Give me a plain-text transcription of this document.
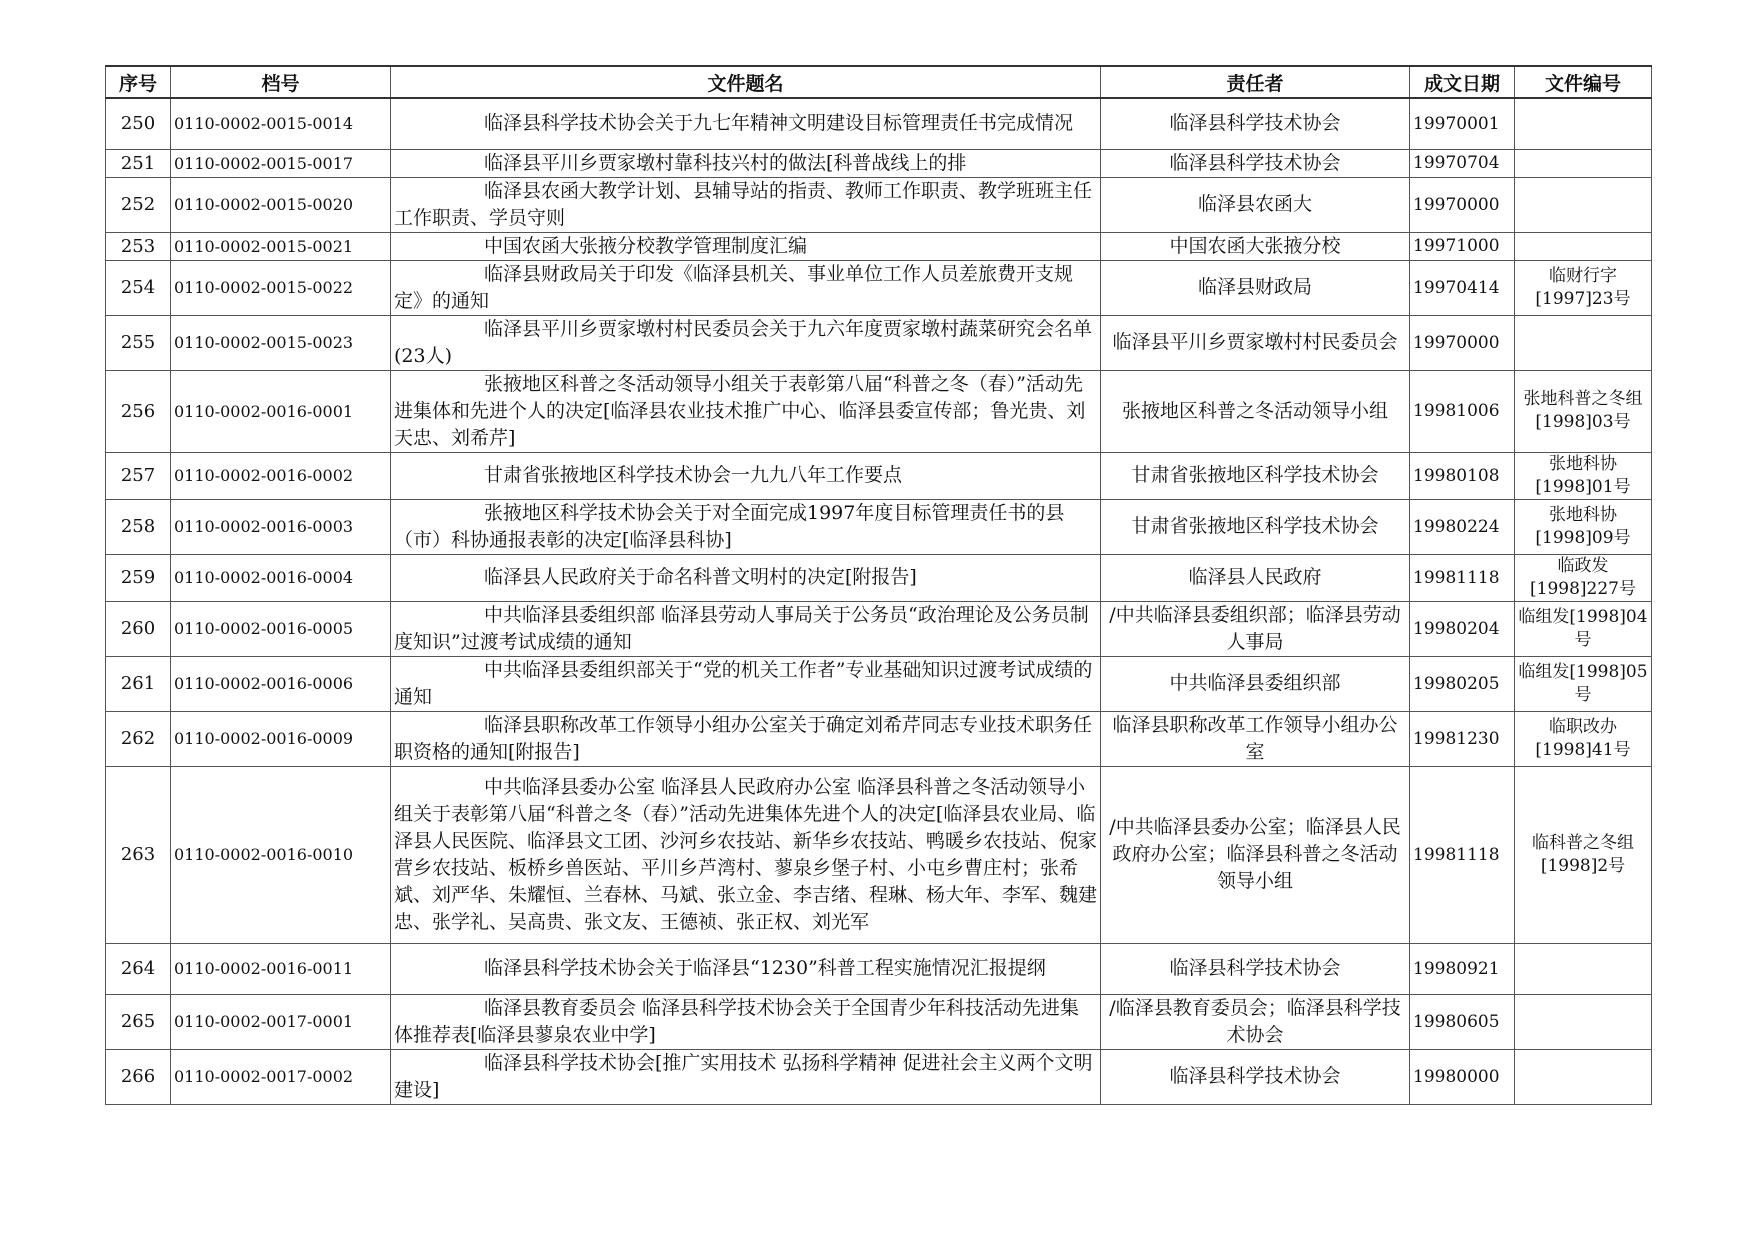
序号	档号	文件题名	责任者	成文日期	文件编号
250	0110-0002-0015-0014	临泽县科学技术协会关于九七年精神文明建设目标管理责任书完成情况	临泽县科学技术协会	19970001	
251	0110-0002-0015-0017	临泽县平川乡贾家墩村靠科技兴村的做法[科普战线上的排	临泽县科学技术协会	19970704	
252	0110-0002-0015-0020	临泽县农函大教学计划、县辅导站的指责、教师工作职责、教学班班主任工作职责、学员守则	临泽县农函大	19970000	
253	0110-0002-0015-0021	中国农函大张掖分校教学管理制度汇编	中国农函大张掖分校	19971000	
254	0110-0002-0015-0022	临泽县财政局关于印发《临泽县机关、事业单位工作人员差旅费开支规定》的通知	临泽县财政局	19970414	临财行字[1997]23号
255	0110-0002-0015-0023	临泽县平川乡贾家墩村村民委员会关于九六年度贾家墩村蔬菜研究会名单(23人)	临泽县平川乡贾家墩村村民委员会	19970000	
256	0110-0002-0016-0001	张掖地区科普之冬活动领导小组关于表彰第八届“科普之冬（春）”活动先进集体和先进个人的决定[临泽县农业技术推广中心、临泽县委宣传部；鲁光贵、刘天忠、刘希芹]	张掖地区科普之冬活动领导小组	19981006	张地科普之冬组[1998]03号
257	0110-0002-0016-0002	甘肃省张掖地区科学技术协会一九九八年工作要点	甘肃省张掖地区科学技术协会	19980108	张地科协[1998]01号
258	0110-0002-0016-0003	张掖地区科学技术协会关于对全面完成1997年度目标管理责任书的县（市）科协通报表彰的决定[临泽县科协]	甘肃省张掖地区科学技术协会	19980224	张地科协[1998]09号
259	0110-0002-0016-0004	临泽县人民政府关于命名科普文明村的决定[附报告]	临泽县人民政府	19981118	临政发[1998]227号
260	0110-0002-0016-0005	中共临泽县委组织部 临泽县劳动人事局关于公务员“政治理论及公务员制度知识”过渡考试成绩的通知	/中共临泽县委组织部；临泽县劳动人事局	19980204	临组发[1998]04号
261	0110-0002-0016-0006	中共临泽县委组织部关于“党的机关工作者”专业基础知识过渡考试成绩的通知	中共临泽县委组织部	19980205	临组发[1998]05号
262	0110-0002-0016-0009	临泽县职称改革工作领导小组办公室关于确定刘希芹同志专业技术职务任职资格的通知[附报告]	临泽县职称改革工作领导小组办公室	19981230	临职改办[1998]41号
263	0110-0002-0016-0010	中共临泽县委办公室 临泽县人民政府办公室 临泽县科普之冬活动领导小组关于表彰第八届“科普之冬（春）”活动先进集体先进个人的决定[临泽县农业局、临泽县人民医院、临泽县文工团、沙河乡农技站、新华乡农技站、鸭暖乡农技站、倪家营乡农技站、板桥乡兽医站、平川乡芦湾村、蓼泉乡堡子村、小屯乡曹庄村；张希斌、刘严华、朱耀恒、兰春林、马斌、张立金、李吉绪、程琳、杨大年、李军、魏建忠、张学礼、吴高贵、张文友、王德祯、张正权、刘光军	/中共临泽县委办公室；临泽县人民政府办公室；临泽县科普之冬活动领导小组	19981118	临科普之冬组[1998]2号
264	0110-0002-0016-0011	临泽县科学技术协会关于临泽县“1230”科普工程实施情况汇报提纲	临泽县科学技术协会	19980921	
265	0110-0002-0017-0001	临泽县教育委员会 临泽县科学技术协会关于全国青少年科技活动先进集体推荐表[临泽县蓼泉农业中学]	/临泽县教育委员会；临泽县科学技术协会	19980605	
266	0110-0002-0017-0002	临泽县科学技术协会[推广实用技术 弘扬科学精神 促进社会主义两个文明建设]	临泽县科学技术协会	19980000	
